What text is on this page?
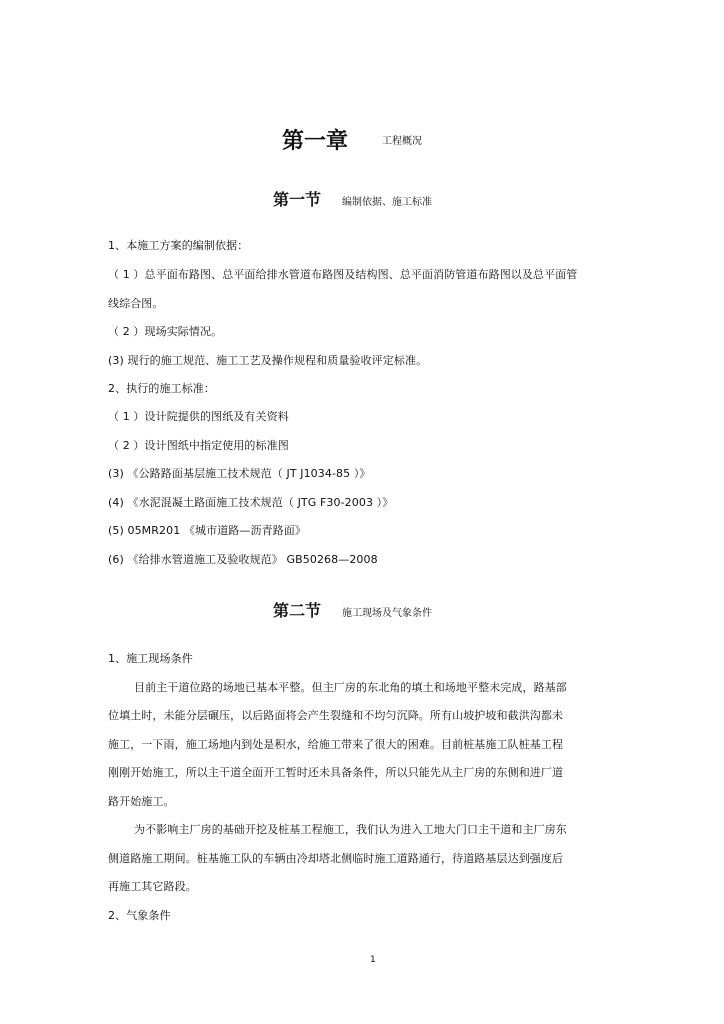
第一章	工程概况
第一节 编制依据、施工标准
1、本施工方案的编制依据：
（ 1 ）总平面布路图、总平面给排水管道布路图及结构图、总平面消防管道布路图以及总平面管
线综合图。
（ 2 ）现场实际情况。
(3) 现行的施工规范、施工工艺及操作规程和质量验收评定标准。
2、执行的施工标准：
（ 1 ）设计院提供的图纸及有关资料
（ 2 ）设计图纸中指定使用的标准图
(3) 《公路路面基层施工技术规范（ JT J1034-85 ）》
(4) 《水泥混凝土路面施工技术规范（ JTG F30-2003 ）》
(5) 05MR201 《城市道路—沥青路面》
(6) 《给排水管道施工及验收规范》 GB50268—2008
第二节 施工现场及气象条件
1、施工现场条件
目前主干道位路的场地已基本平整。但主厂房的东北角的填土和场地平整未完成，路基部
位填土时，未能分层碾压，以后路面将会产生裂缝和不均匀沉降。所有山坡护坡和截洪沟都未
施工，一下雨，施工场地内到处是积水，给施工带来了很大的困难。目前桩基施工队桩基工程
刚刚开始施工，所以主干道全面开工暂时还未具备条件，所以只能先从主厂房的东侧和进厂道
路开始施工。
为不影响主厂房的基础开挖及桩基工程施工，我们认为进入工地大门口主干道和主厂房东
侧道路施工期间。桩基施工队的车辆由冷却塔北侧临时施工道路通行，待道路基层达到强度后
再施工其它路段。
2、气象条件
1
